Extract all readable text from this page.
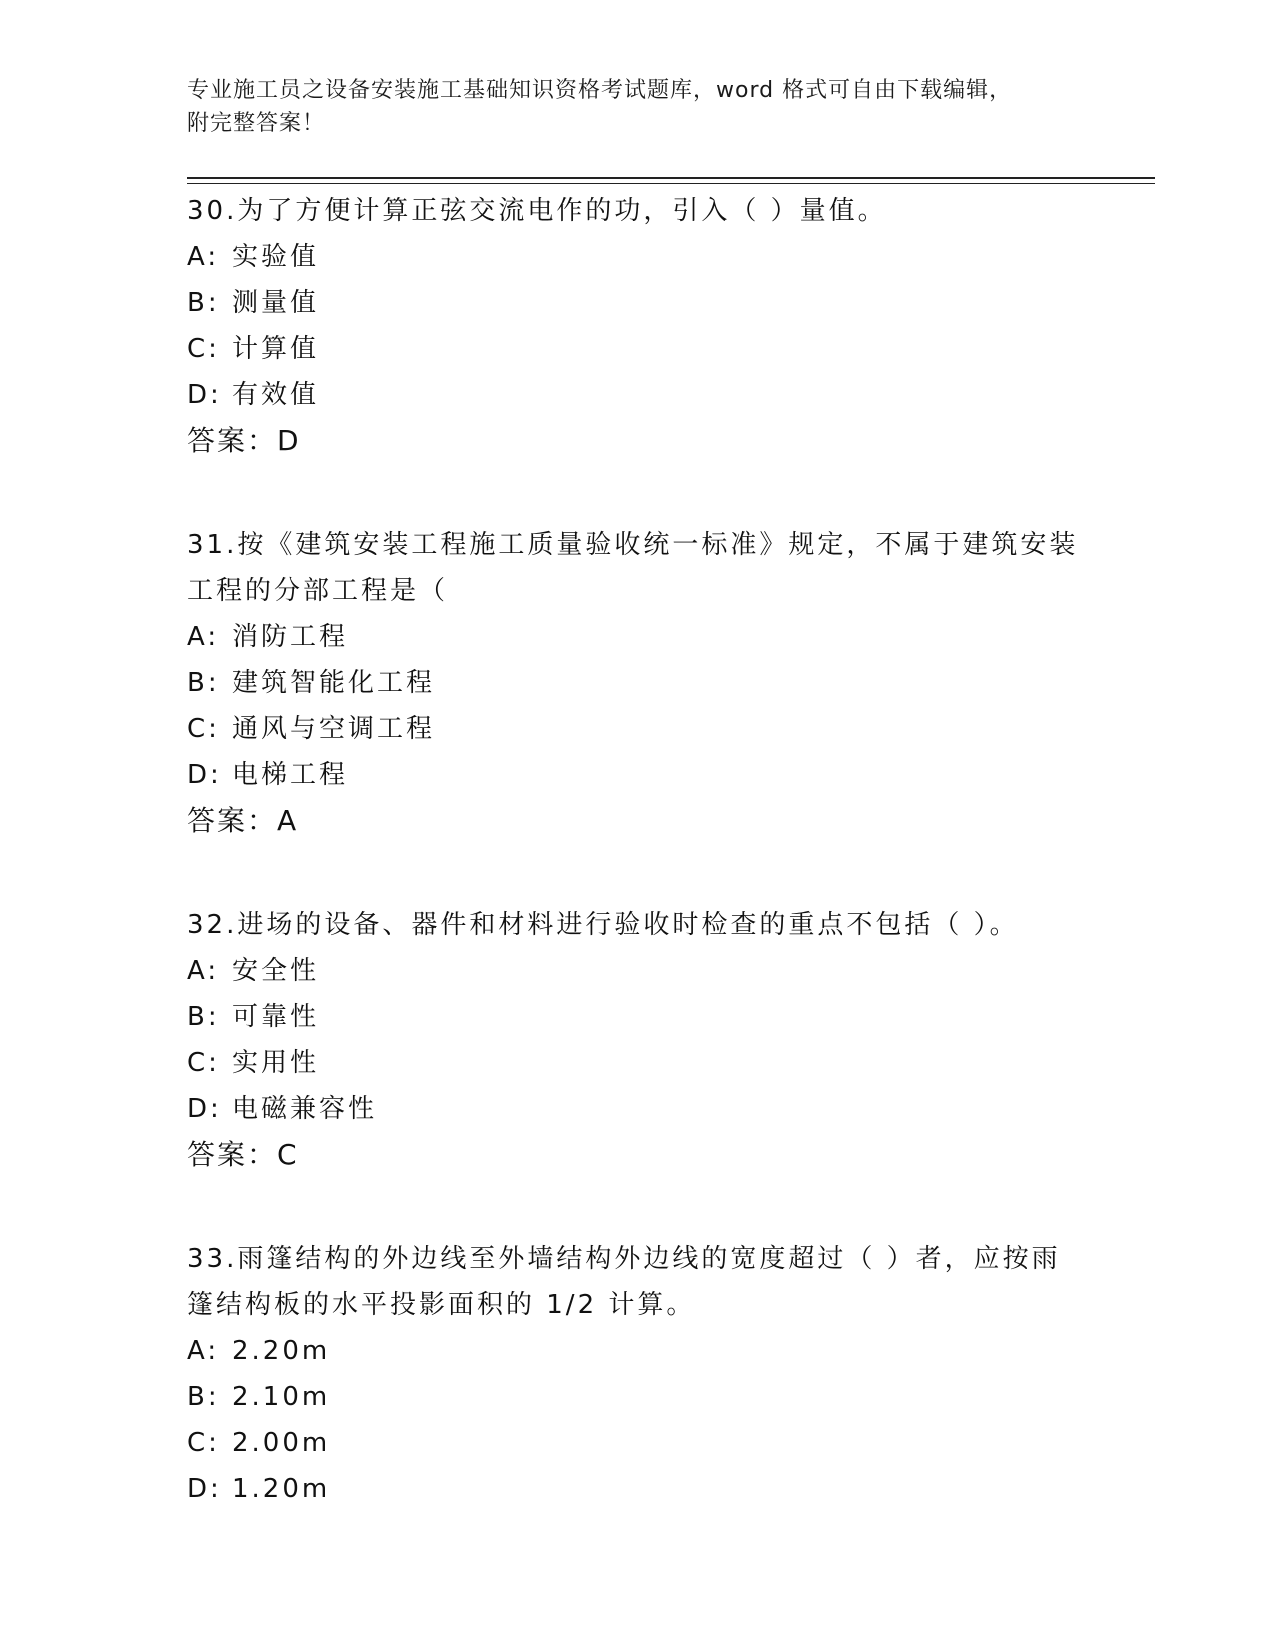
专业施工员之设备安装施工基础知识资格考试题库，word 格式可自由下载编辑，
附完整答案！
30.为了方便计算正弦交流电作的功，引入（ ）量值。
A: 实验值
B: 测量值
C: 计算值
D: 有效值
答案：D
31.按《建筑安装工程施工质量验收统一标准》规定，不属于建筑安装工程的分部工程是（
A: 消防工程
B: 建筑智能化工程
C: 通风与空调工程
D: 电梯工程
答案：A
32.进场的设备、器件和材料进行验收时检查的重点不包括（ ）。
A: 安全性
B: 可靠性
C: 实用性
D: 电磁兼容性
答案：C
33.雨篷结构的外边线至外墙结构外边线的宽度超过（ ）者，应按雨篷结构板的水平投影面积的 1/2 计算。
A: 2.20m
B: 2.10m
C: 2.00m
D: 1.20m
